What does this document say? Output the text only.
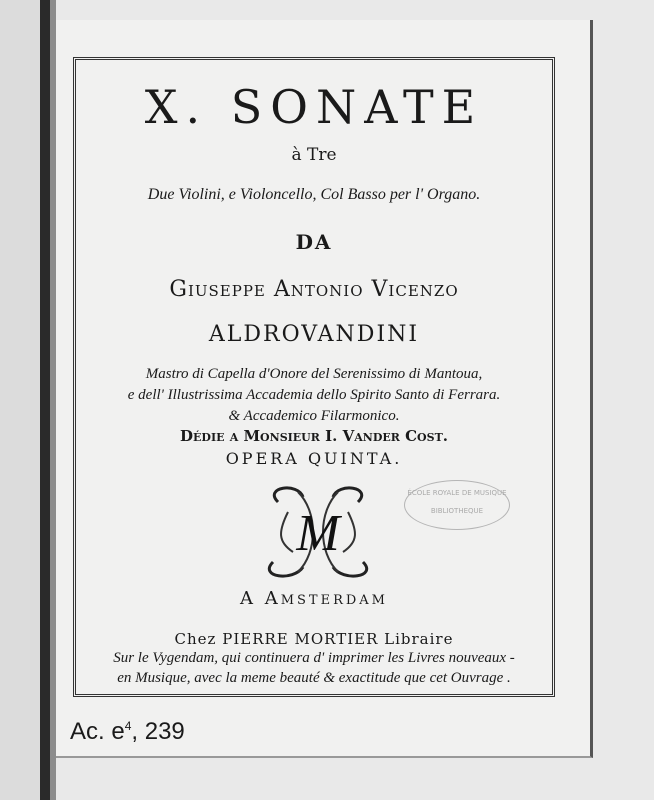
X. SONATE
à Tre
Due Violini, e Violoncello, Col Basso per l' Organo.
DA
Giuseppe Antonio Vicenzo
ALDROVANDINI
Mastro di Capella d'Onore del Serenissimo di Mantoua,
e dell' Illustrissima Accademia dello Spirito Santo di Ferrara.
& Accademico Filarmonico.
Dédie a Monsieur I. Vander Cost.
OPERA QUINTA.
M
ÉCOLE ROYALE DE MUSIQUE
BIBLIOTHEQUE
A Amsterdam
Chez PIERRE MORTIER Libraire
Sur le Vygendam, qui continuera d' imprimer les Livres nouveaux -
en Musique, avec la meme beauté & exactitude que cet Ouvrage .
Ac. $e^4$, 239
